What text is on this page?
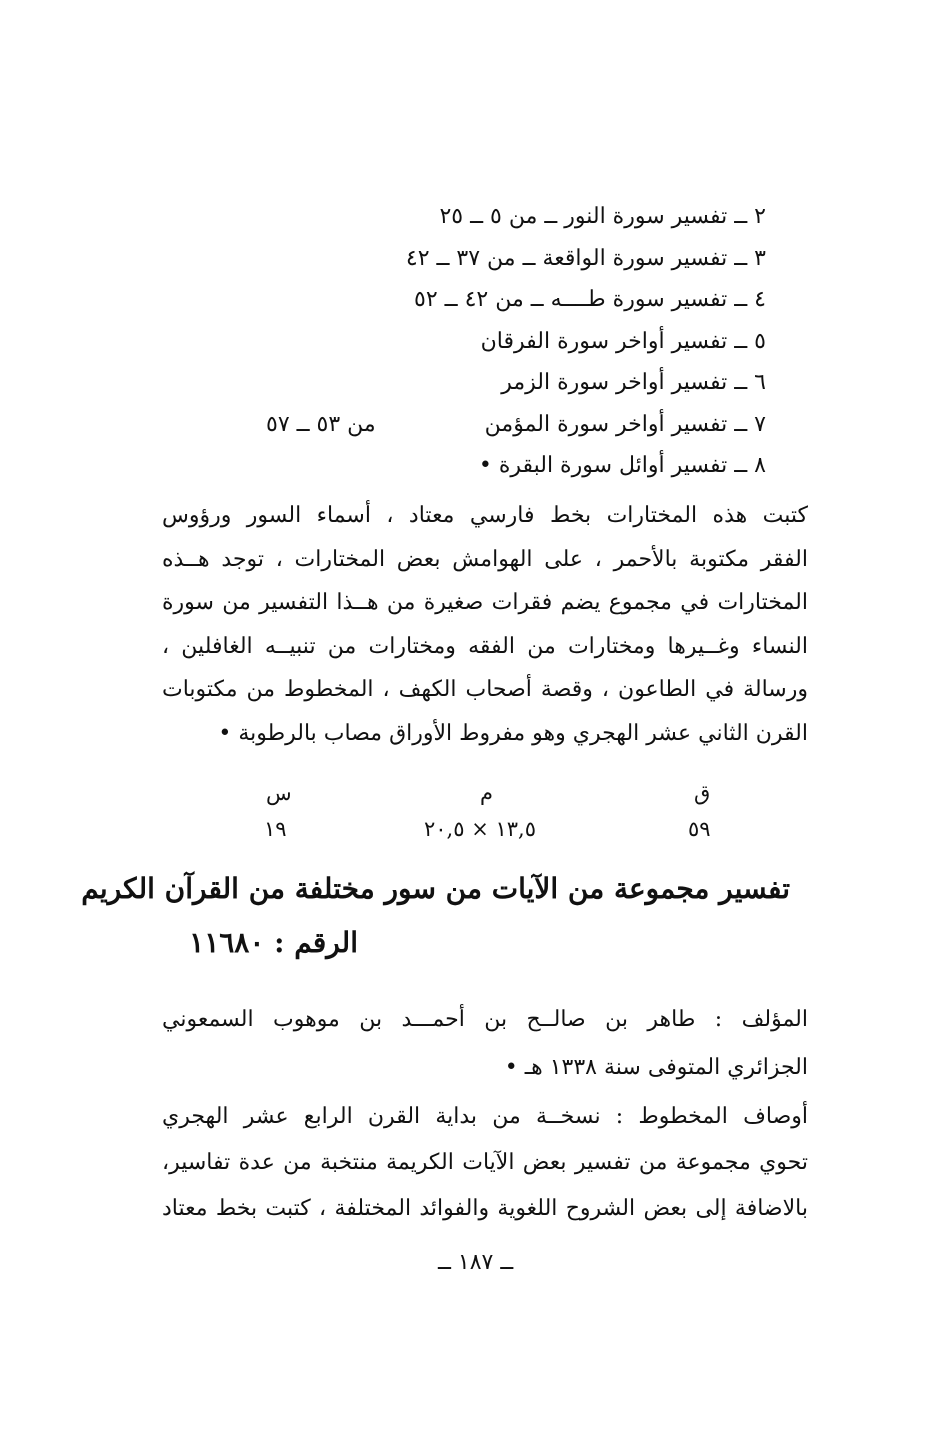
٢ ــ تفسير سورة النور ــ من ٥ ــ ٢٥
٣ ــ تفسير سورة الواقعة ــ من ٣٧ ــ ٤٢
٤ ــ تفسير سورة طــــه ــ من ٤٢ ــ ٥٢
٥ ــ تفسير أواخر سورة الفرقان
٦ ــ تفسير أواخر سورة الزمر
٧ ــ تفسير أواخر سورة المؤمن
من ٥٣ ــ ٥٧
٨ ــ تفسير أوائل سورة البقرة •
كتبت هذه المختارات بخط فارسي معتاد ، أسماء السور ورؤوس
الفقر مكتوبة بالأحمر ، على الهوامش بعض المختارات ، توجد هــذه
المختارات في مجموع يضم فقرات صغيرة من هــذا التفسير من سورة
النساء وغــيرها ومختارات من الفقه ومختارات من تنبيــه الغافلين ،
ورسالة في الطاعون ، وقصة أصحاب الكهف ، المخطوط من مكتوبات
القرن الثاني عشر الهجري وهو مفروط الأوراق مصاب بالرطوبة •
ق
م
س
٥٩
١٣,٥ × ٢٠,٥
١٩
تفسير مجموعة من الآيات من سور مختلفة من القرآن الكريم
الرقم : ١١٦٨٠
المؤلف : طاهر بن صالــح بن أحمـــد بن موهوب السمعوني
الجزائري المتوفى سنة ١٣٣٨ هـ •
أوصاف المخطوط : نسخــة من بداية القرن الرابع عشر الهجري
تحوي مجموعة من تفسير بعض الآيات الكريمة منتخبة من عدة تفاسير،
بالاضافة إلى بعض الشروح اللغوية والفوائد المختلفة ، كتبت بخط معتاد
ــ ١٨٧ ــ
